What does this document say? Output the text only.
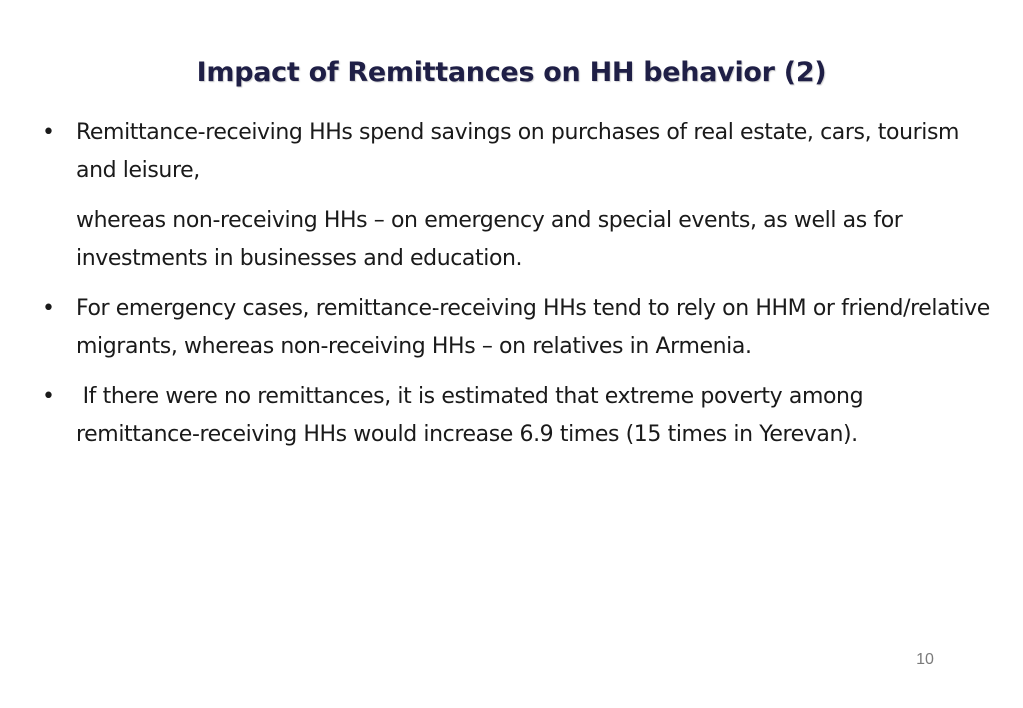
Impact of Remittances on HH behavior (2)
• Remittance-receiving HHs spend savings on purchases of real estate, cars, tourism and leisure,
whereas non-receiving HHs – on emergency and special events, as well as for investments in businesses and education.
• For emergency cases, remittance-receiving HHs tend to rely on HHM or friend/relative migrants, whereas non-receiving HHs – on relatives in Armenia.
• If there were no remittances, it is estimated that extreme poverty among remittance-receiving HHs would increase 6.9 times (15 times in Yerevan).
10
